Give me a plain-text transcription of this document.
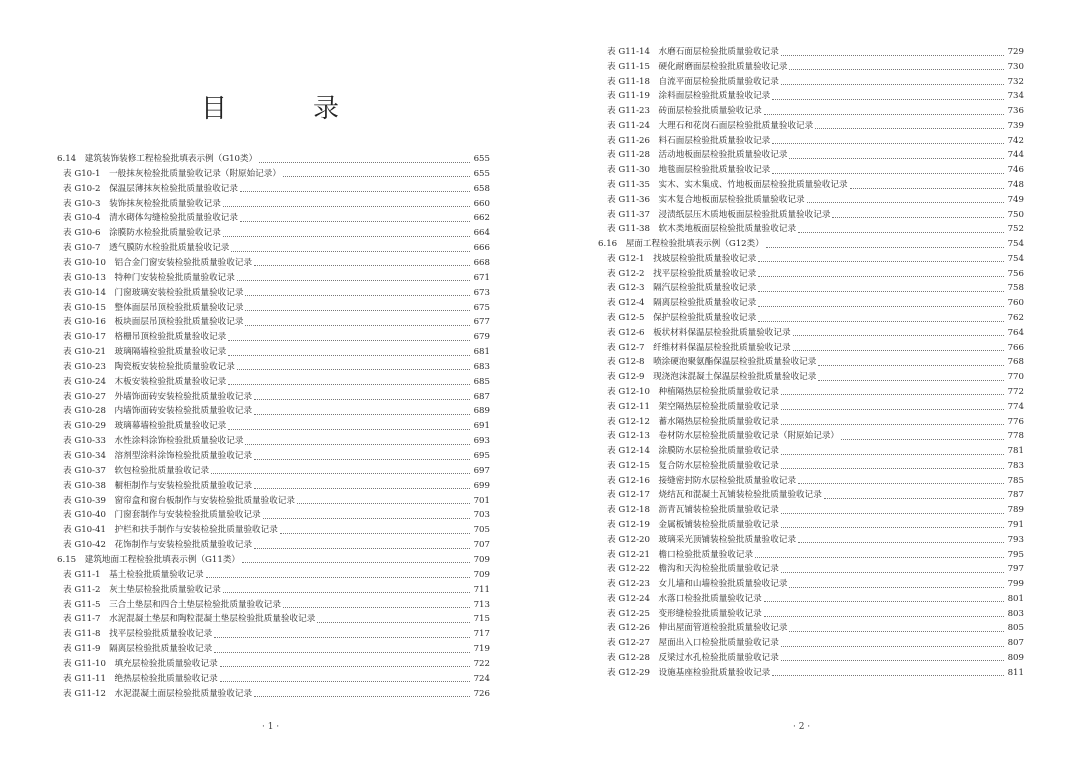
目　录
6.14　建筑装饰装修工程检验批填表示例（G10类）	655
表 G10-1　一般抹灰检验批质量验收记录（附原始记录）	655
表 G10-2　保温层薄抹灰检验批质量验收记录	658
表 G10-3　装饰抹灰检验批质量验收记录	660
表 G10-4　清水砌体勾缝检验批质量验收记录	662
表 G10-6　涂膜防水检验批质量验收记录	664
表 G10-7　透气膜防水检验批质量验收记录	666
表 G10-10　铝合金门窗安装检验批质量验收记录	668
表 G10-13　特种门安装检验批质量验收记录	671
表 G10-14　门窗玻璃安装检验批质量验收记录	673
表 G10-15　整体面层吊顶检验批质量验收记录	675
表 G10-16　板块面层吊顶检验批质量验收记录	677
表 G10-17　格栅吊顶检验批质量验收记录	679
表 G10-21　玻璃隔墙检验批质量验收记录	681
表 G10-23　陶瓷板安装检验批质量验收记录	683
表 G10-24　木板安装检验批质量验收记录	685
表 G10-27　外墙饰面砖安装检验批质量验收记录	687
表 G10-28　内墙饰面砖安装检验批质量验收记录	689
表 G10-29　玻璃幕墙检验批质量验收记录	691
表 G10-33　水性涂料涂饰检验批质量验收记录	693
表 G10-34　溶剂型涂料涂饰检验批质量验收记录	695
表 G10-37　软包检验批质量验收记录	697
表 G10-38　橱柜制作与安装检验批质量验收记录	699
表 G10-39　窗帘盒和窗台板制作与安装检验批质量验收记录	701
表 G10-40　门窗套制作与安装检验批质量验收记录	703
表 G10-41　护栏和扶手制作与安装检验批质量验收记录	705
表 G10-42　花饰制作与安装检验批质量验收记录	707
6.15　建筑地面工程检验批填表示例（G11类）	709
表 G11-1　基土检验批质量验收记录	709
表 G11-2　灰土垫层检验批质量验收记录	711
表 G11-5　三合土垫层和四合土垫层检验批质量验收记录	713
表 G11-7　水泥混凝土垫层和陶粒混凝土垫层检验批质量验收记录	715
表 G11-8　找平层检验批质量验收记录	717
表 G11-9　隔离层检验批质量验收记录	719
表 G11-10　填充层检验批质量验收记录	722
表 G11-11　绝热层检验批质量验收记录	724
表 G11-12　水泥混凝土面层检验批质量验收记录	726
表 G11-14　水磨石面层检验批质量验收记录	729
表 G11-15　硬化耐磨面层检验批质量验收记录	730
表 G11-18　自流平面层检验批质量验收记录	732
表 G11-19　涂料面层检验批质量验收记录	734
表 G11-23　砖面层检验批质量验收记录	736
表 G11-24　大理石和花岗石面层检验批质量验收记录	739
表 G11-26　料石面层检验批质量验收记录	742
表 G11-28　活动地板面层检验批质量验收记录	744
表 G11-30　地毯面层检验批质量验收记录	746
表 G11-35　实木、实木集成、竹地板面层检验批质量验收记录	748
表 G11-36　实木复合地板面层检验批质量验收记录	749
表 G11-37　浸渍纸层压木质地板面层检验批质量验收记录	750
表 G11-38　软木类地板面层检验批质量验收记录	752
6.16　屋面工程检验批填表示例（G12类）	754
表 G12-1　找坡层检验批质量验收记录	754
表 G12-2　找平层检验批质量验收记录	756
表 G12-3　隔汽层检验批质量验收记录	758
表 G12-4　隔离层检验批质量验收记录	760
表 G12-5　保护层检验批质量验收记录	762
表 G12-6　板状材料保温层检验批质量验收记录	764
表 G12-7　纤维材料保温层检验批质量验收记录	766
表 G12-8　喷涂硬泡聚氨酯保温层检验批质量验收记录	768
表 G12-9　现浇泡沫混凝土保温层检验批质量验收记录	770
表 G12-10　种植隔热层检验批质量验收记录	772
表 G12-11　架空隔热层检验批质量验收记录	774
表 G12-12　蓄水隔热层检验批质量验收记录	776
表 G12-13　卷材防水层检验批质量验收记录（附原始记录）	778
表 G12-14　涂膜防水层检验批质量验收记录	781
表 G12-15　复合防水层检验批质量验收记录	783
表 G12-16　接缝密封防水层检验批质量验收记录	785
表 G12-17　烧结瓦和混凝土瓦铺装检验批质量验收记录	787
表 G12-18　沥青瓦铺装检验批质量验收记录	789
表 G12-19　金属板铺装检验批质量验收记录	791
表 G12-20　玻璃采光顶铺装检验批质量验收记录	793
表 G12-21　檐口检验批质量验收记录	795
表 G12-22　檐沟和天沟检验批质量验收记录	797
表 G12-23　女儿墙和山墙检验批质量验收记录	799
表 G12-24　水落口检验批质量验收记录	801
表 G12-25　变形缝检验批质量验收记录	803
表 G12-26　伸出屋面管道检验批质量验收记录	805
表 G12-27　屋面出入口检验批质量验收记录	807
表 G12-28　反梁过水孔检验批质量验收记录	809
表 G12-29　设施基座检验批质量验收记录	811
· 1 ·	· 2 ·
